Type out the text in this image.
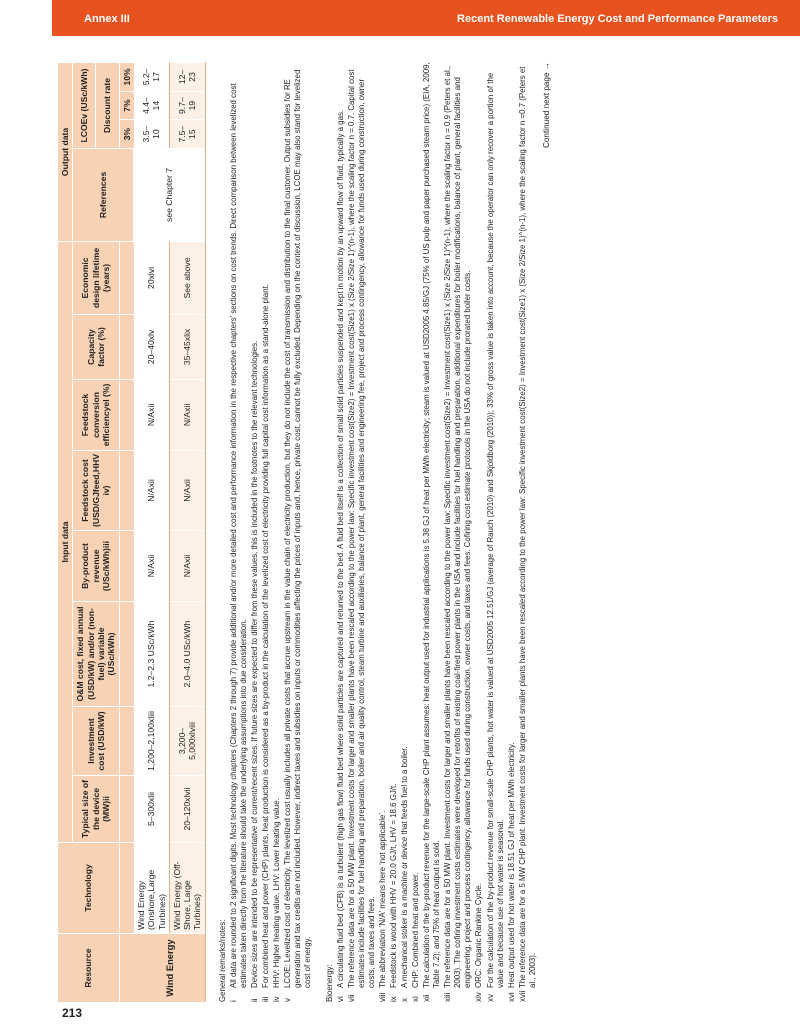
Annex III	Recent Renewable Energy Cost and Performance Parameters
Resource	Technology	Input data								Output data			
		Typical size of the device (MW)ii	Investment cost (USD/kW)	O&M cost, fixed annual (USD/kW) and/or (non-fuel) variable (USc/kWh)	By-product revenue (USc/kWh)iii	Feedstock cost (USD/GJfeed,HHV iv)	Feedstock conversion efficiencyel (%)	Capacity factor (%)	Economic design lifetime (years)	References	LCOEv (USc/kWh)		
											Discount rate		
											3%	7%	10%
Wind Energy	Wind Energy (Onshore,Large Turbines)	5–300xlii	1,200–2,100xliii	1.2–2.3 USc/kWh	N/Axii	N/Axii	N/Axii	20–40xlv	20xlvi	see Chapter 7	3.5–10	4.4–14	5.2–17
	Wind Energy (Off-Shore, Large Turbines)	20–120xlvii	3,200–5,000xlviii	2.0–4.0 USc/kWh	N/Axii	N/Axii	N/Axii	35–45xlix	See above		7.5–15	9.7–19	12–23
General remarks/notes: i
All data are rounded to 2 significant digits. Most technology chapters (Chapters 2 through 7) provide additional and/or more detailed cost and performance information in the respective chapters' sections on cost trends. Direct comparison between levelized cost estimates taken directly from the literature should take the underlying assumptions into due consideration.
ii
Device sizes are intended to be representative of current/recent sizes. If future sizes are expected to differ from these values, this is included in the footnotes to the relevant technologies.
iii
For combined heat and power (CHP) plants, heat production is considered as a by-product in the calculation of the levelized cost of electricity providing full capital cost information as a stand-alone plant.
iv
HHV: Higher heating value. LHV: Lower heating value.
v
LCOE: Levelized cost of electricity. The levelized cost usually includes all private costs that accrue upstream in the value chain of electricity production, but they do not include the cost of transmission and distribution to the final customer. Output subsidies for RE generation and tax credits are not included. However, indirect taxes and subsidies on inputs or commodities affecting the prices of inputs and, hence, private cost, cannot be fully excluded. Depending on the context of discussion, LCOE may also stand for levelized cost of energy. Bioenergy: vi
A circulating fluid bed (CFB) is a turbulent (high gas flow) fluid bed where solid particles are captured and returned to the bed. A fluid bed itself is a collection of small solid particles suspended and kept in motion by an upward flow of fluid, typically a gas.
vii
The reference data are for a 50 MW plant. Investment costs for larger and smaller plants have been rescaled according to the power law: Specific investment cost(Size2) = Investment cost(Size1) x (Size 2/Size 1)^(n-1), where the scaling factor n = 0.7. Capital cost estimates include facilities for fuel handling and preparation, boiler and air quality control, steam turbine and auxiliaries, balance of plant, general facilities and engineering fee, project and process contingency, allowance for funds used during construction, owner costs, and taxes and fees.
viii
The abbreviation 'N/A' means here 'not applicable'.
ix
Feedstock is wood with HHV = 20.0 GJ/t, LHV = 18.6 GJ/t.
x
A mechanical stoker is a machine or device that feeds fuel to a boiler.
xi
CHP: Combined heat and power.
xii
The calculation of the by-product revenue for the large-scale CHP plant assumes: heat output used for industrial applications is 5.38 GJ of heat per MWh electricity; steam is valued at USD2005 4.85/GJ (75% of US pulp and paper purchased steam price) (EIA, 2009, Table 7.2); and 75% of heat output is sold.
xiii
The reference data are for a 50 MW plant. Investment costs for larger and smaller plants have been rescaled according to the power law: Specific investment cost(Size2) = Investment cost(Size1) x (Size 2/Size 1)^(n-1), where the scaling factor n = 0.9 (Peters et al., 2003). The cofiring investment costs estimates were developed for retrofits of existing coal-fired power plants in the USA and include facilities for fuel handling and preparation, additional expenditures for boiler modifications, balance of plant, general facilities and engineering, project and process contingency, allowance for funds used during construction, owner costs, and taxes and fees. Cofiring cost estimate protocols in the USA do not include prorated boiler costs.
xiv
ORC: Organic Rankine Cycle.
xv
For the calculation of the by-product revenue for small-scale CHP plants, hot water is valued at USD2005 12.51/GJ (average of Rauch (2010) and Skjoldborg (2010)); 33% of gross value is taken into account, because the operator can only recover a portion of the value and because use of hot water is seasonal.
xvi
Heat output used for hot water is 18.51 GJ of heat per MWh electricity.
xvii
The reference data are for a 5 MW CHP plant. Investment costs for larger and smaller plants have been rescaled according to the power law: Specific investment cost(Size2) = Investment cost(Size1) x (Size 2/Size 1)^(n-1), where the scaling factor n =0.7 (Peters et al., 2003).
Continued next page →
213
